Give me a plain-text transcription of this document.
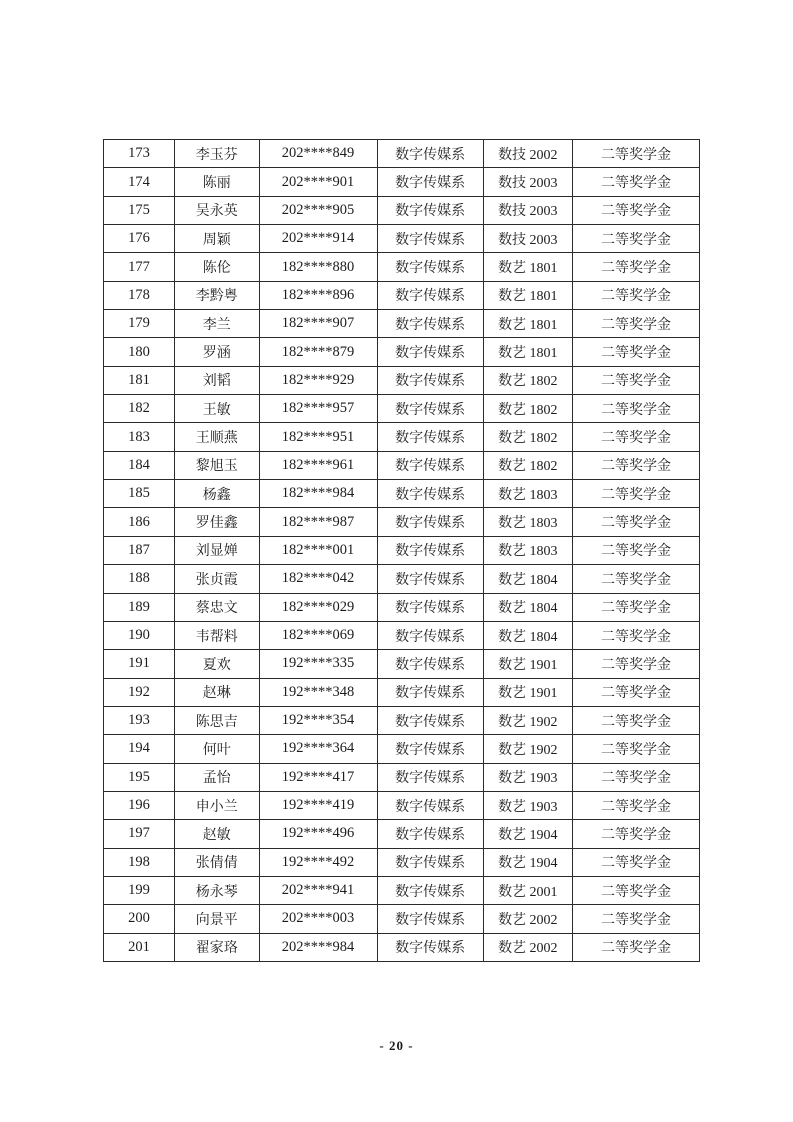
173	李玉芬	202****849	数字传媒系	数技 2002	二等奖学金
174	陈丽	202****901	数字传媒系	数技 2003	二等奖学金
175	吴永英	202****905	数字传媒系	数技 2003	二等奖学金
176	周颖	202****914	数字传媒系	数技 2003	二等奖学金
177	陈伦	182****880	数字传媒系	数艺 1801	二等奖学金
178	李黔粤	182****896	数字传媒系	数艺 1801	二等奖学金
179	李兰	182****907	数字传媒系	数艺 1801	二等奖学金
180	罗涵	182****879	数字传媒系	数艺 1801	二等奖学金
181	刘韬	182****929	数字传媒系	数艺 1802	二等奖学金
182	王敏	182****957	数字传媒系	数艺 1802	二等奖学金
183	王顺燕	182****951	数字传媒系	数艺 1802	二等奖学金
184	黎旭玉	182****961	数字传媒系	数艺 1802	二等奖学金
185	杨鑫	182****984	数字传媒系	数艺 1803	二等奖学金
186	罗佳鑫	182****987	数字传媒系	数艺 1803	二等奖学金
187	刘显婵	182****001	数字传媒系	数艺 1803	二等奖学金
188	张贞霞	182****042	数字传媒系	数艺 1804	二等奖学金
189	蔡忠文	182****029	数字传媒系	数艺 1804	二等奖学金
190	韦帮料	182****069	数字传媒系	数艺 1804	二等奖学金
191	夏欢	192****335	数字传媒系	数艺 1901	二等奖学金
192	赵琳	192****348	数字传媒系	数艺 1901	二等奖学金
193	陈思吉	192****354	数字传媒系	数艺 1902	二等奖学金
194	何叶	192****364	数字传媒系	数艺 1902	二等奖学金
195	孟怡	192****417	数字传媒系	数艺 1903	二等奖学金
196	申小兰	192****419	数字传媒系	数艺 1903	二等奖学金
197	赵敏	192****496	数字传媒系	数艺 1904	二等奖学金
198	张倩倩	192****492	数字传媒系	数艺 1904	二等奖学金
199	杨永琴	202****941	数字传媒系	数艺 2001	二等奖学金
200	向景平	202****003	数字传媒系	数艺 2002	二等奖学金
201	翟家珞	202****984	数字传媒系	数艺 2002	二等奖学金
- 20 -
